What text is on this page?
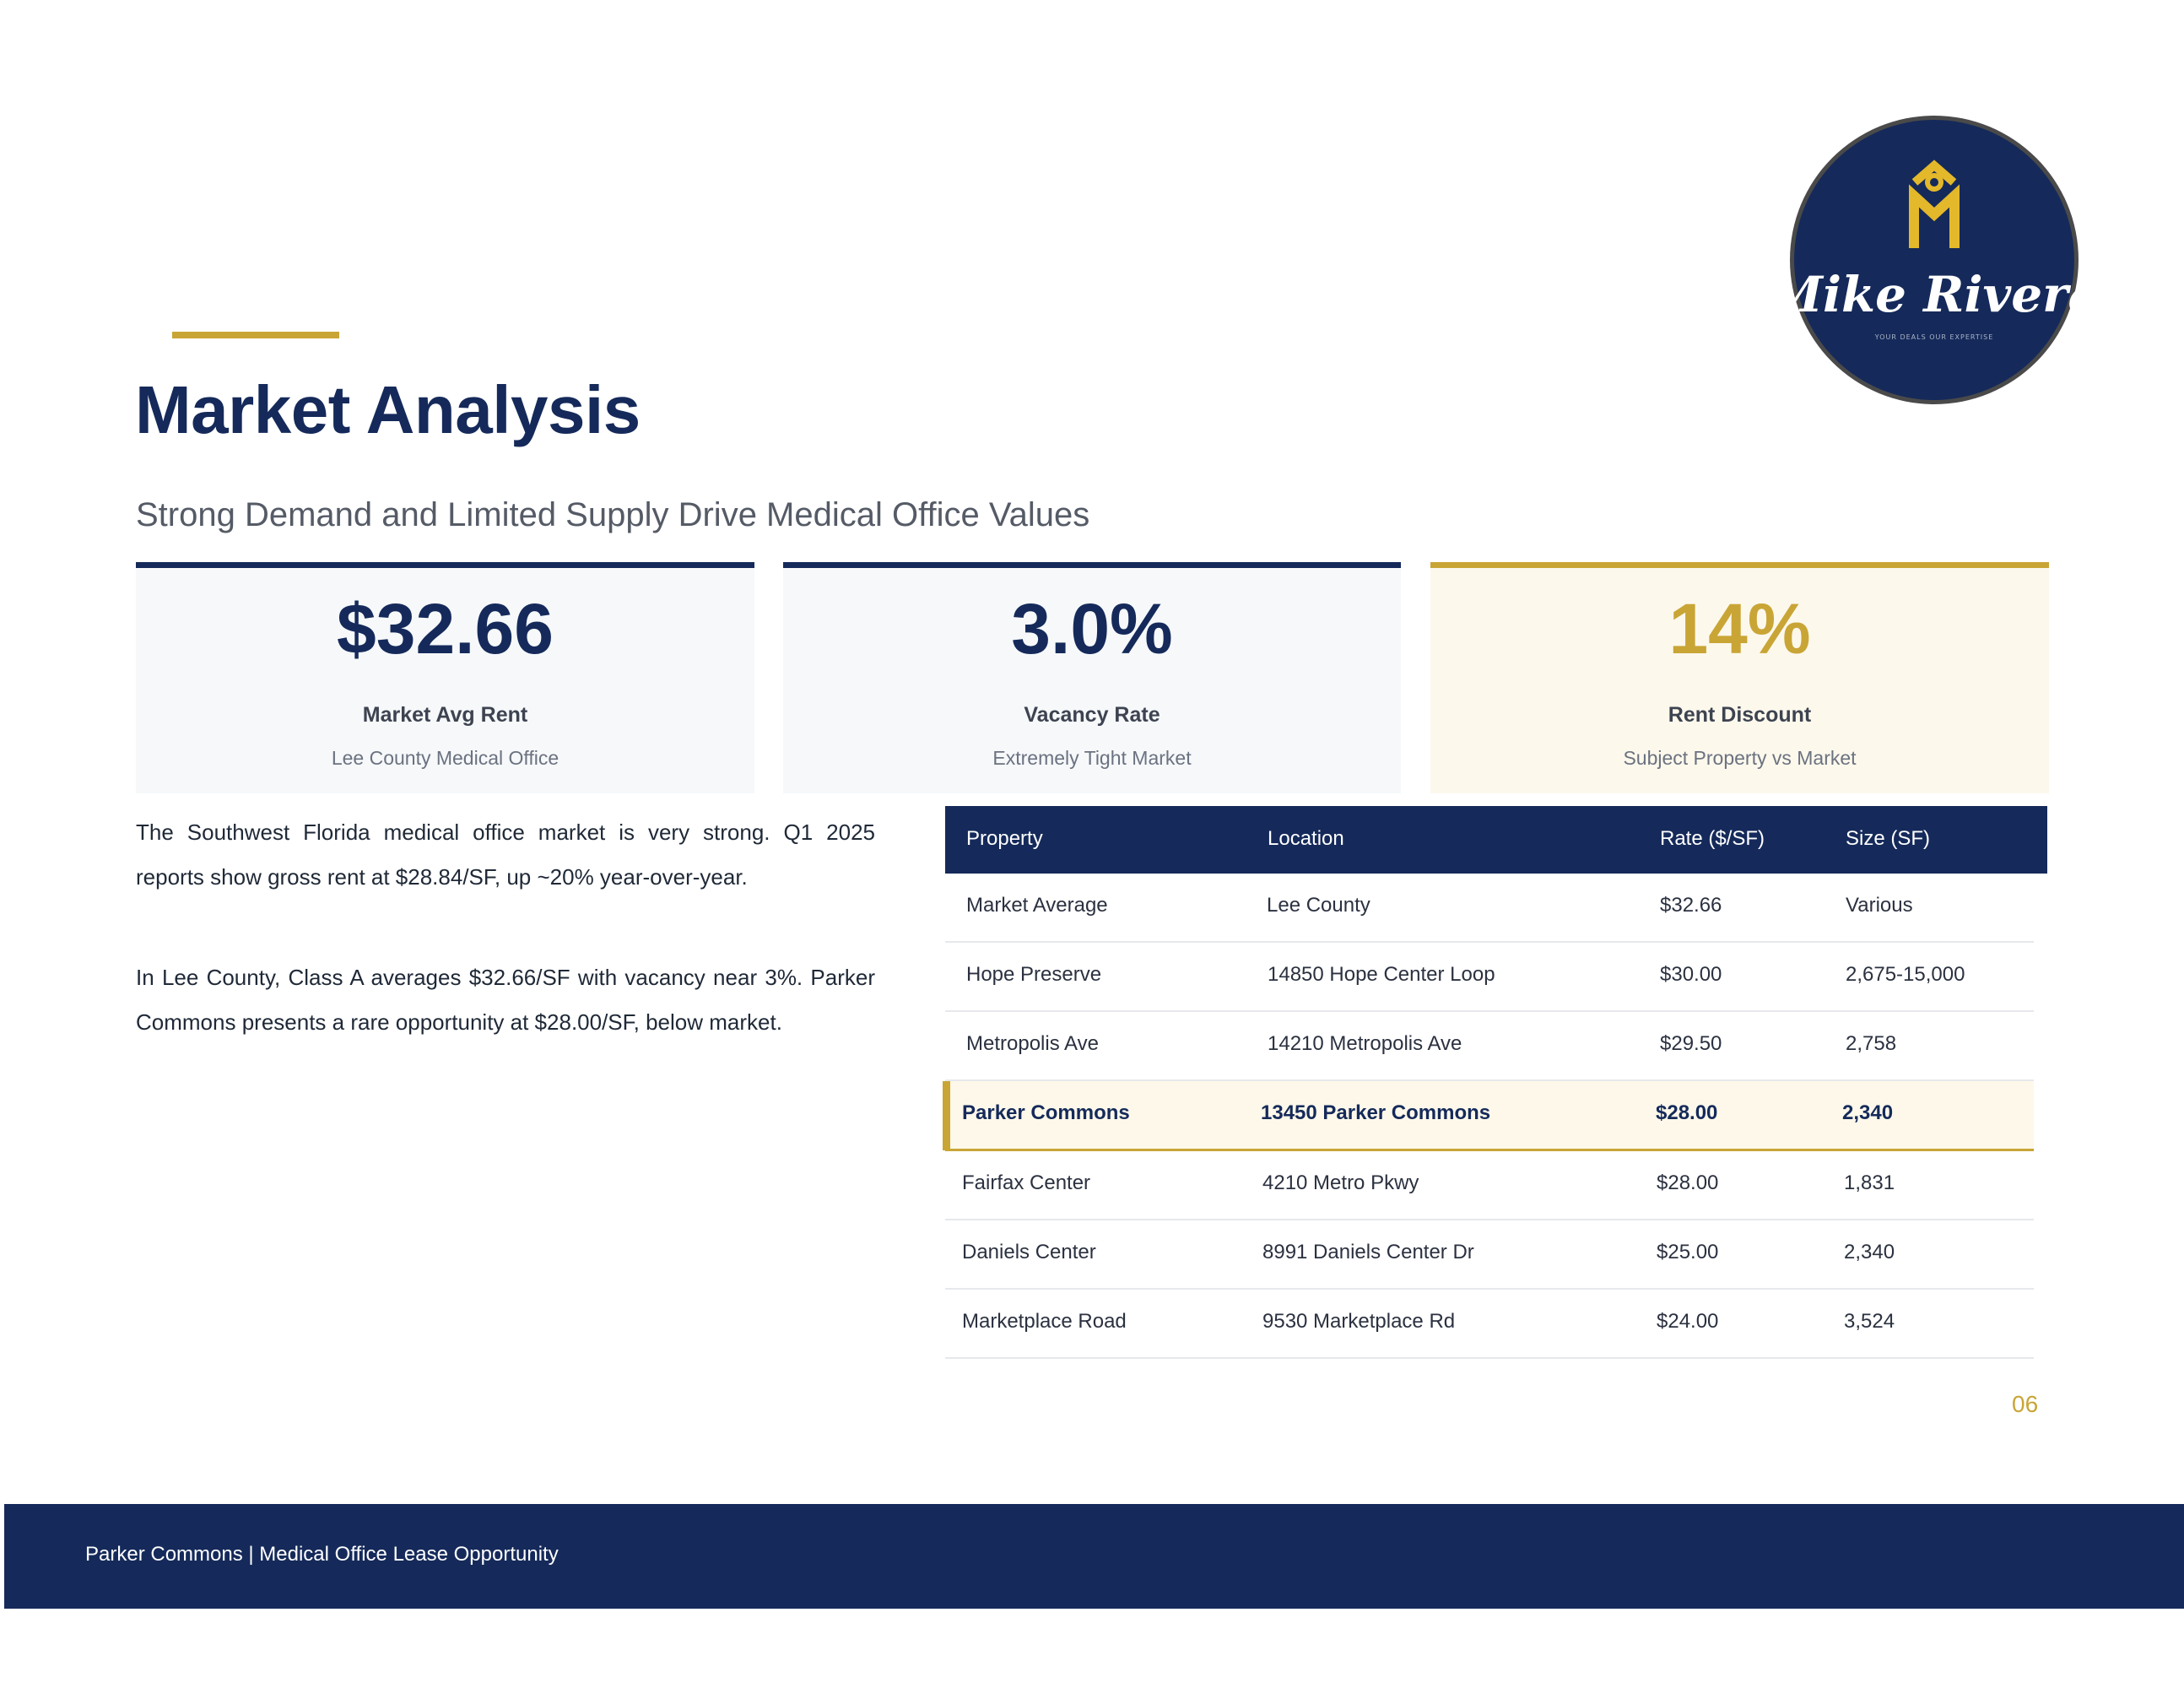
Market Analysis
Strong Demand and Limited Supply Drive Medical Office Values
Mike Rivera
YOUR DEALS OUR EXPERTISE
$32.66
Market Avg Rent
Lee County Medical Office
3.0%
Vacancy Rate
Extremely Tight Market
14%
Rent Discount
Subject Property vs Market

The Southwest Florida medical office market is very strong. Q1 2025 reports show gross rent at $28.84/SF, up ~20% year-over-year.

In Lee County, Class A averages $32.66/SF with vacancy near 3%. Parker Commons presents a rare opportunity at $28.00/SF, below market.

Property	Location	Rate ($/SF)	Size (SF)
Market Average	Lee County	$32.66	Various
Hope Preserve	14850 Hope Center Loop	$30.00	2,675-15,000
Metropolis Ave	14210 Metropolis Ave	$29.50	2,758
Parker Commons	13450 Parker Commons	$28.00	2,340
Fairfax Center	4210 Metro Pkwy	$28.00	1,831
Daniels Center	8991 Daniels Center Dr	$25.00	2,340
Marketplace Road	9530 Marketplace Rd	$24.00	3,524
06
Parker Commons | Medical Office Lease Opportunity
